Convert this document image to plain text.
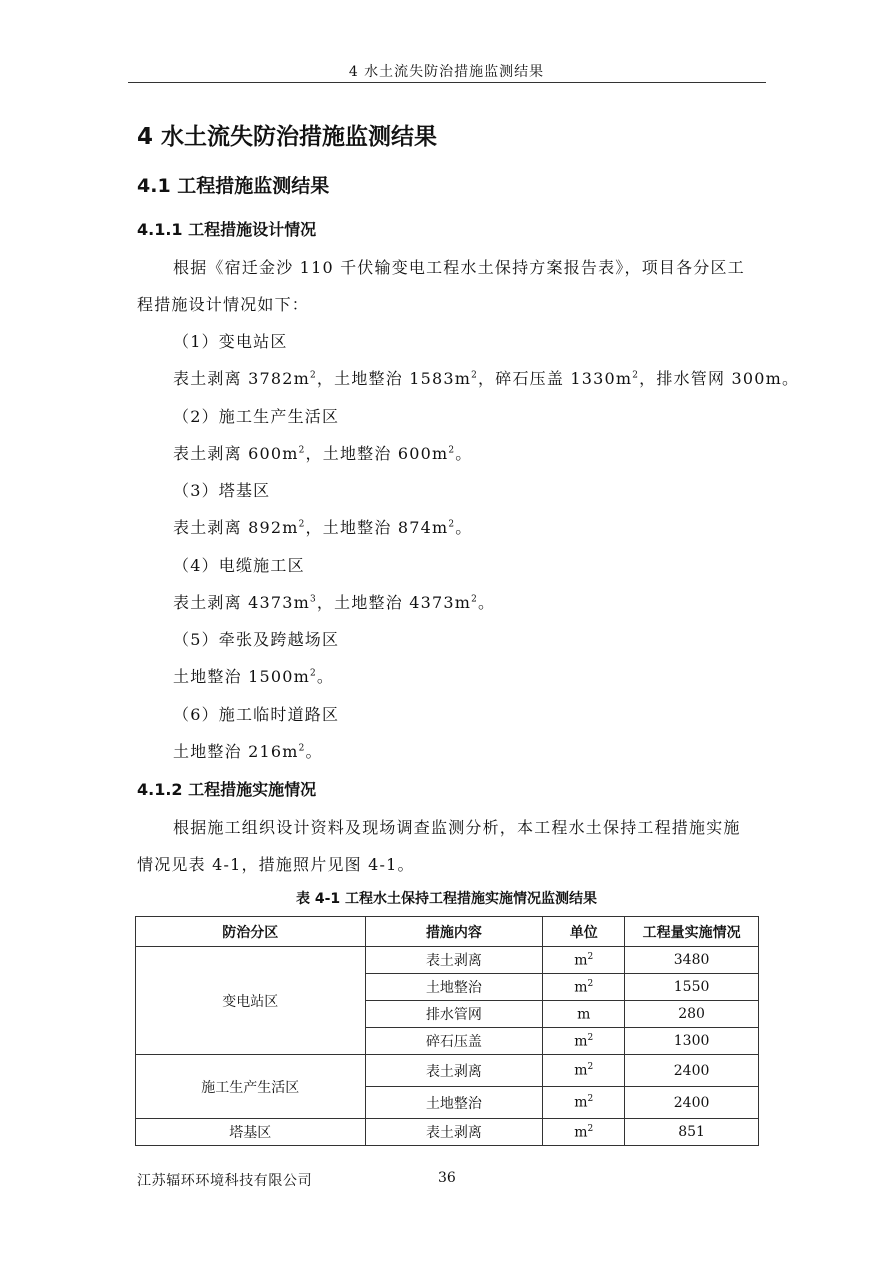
4 水土流失防治措施监测结果
4 水土流失防治措施监测结果
4.1 工程措施监测结果
4.1.1 工程措施设计情况
根据《宿迁金沙 110 千伏输变电工程水土保持方案报告表》，项目各分区工
程措施设计情况如下：
（1）变电站区
表土剥离 $3782m^2$，土地整治 $1583m^2$，碎石压盖 $1330m^2$，排水管网 300m。
（2）施工生产生活区
表土剥离 $600m^2$，土地整治 $600m^2$。
（3）塔基区
表土剥离 $892m^2$，土地整治 $874m^2$。
（4）电缆施工区
表土剥离 $4373m^3$，土地整治 $4373m^2$。
（5）牵张及跨越场区
土地整治 $1500m^2$。
（6）施工临时道路区
土地整治 $216m^2$。
4.1.2 工程措施实施情况
根据施工组织设计资料及现场调查监测分析，本工程水土保持工程措施实施
情况见表 4-1，措施照片见图 4-1。
表 4-1 工程水土保持工程措施实施情况监测结果
防治分区	措施内容	单位	工程量实施情况
变电站区	表土剥离	$m^2$	3480
	土地整治	$m^2$	1550
	排水管网	m	280
	碎石压盖	$m^2$	1300
施工生产生活区	表土剥离	$m^2$	2400
	土地整治	$m^2$	2400
塔基区	表土剥离	$m^2$	851
江苏辐环环境科技有限公司	36
